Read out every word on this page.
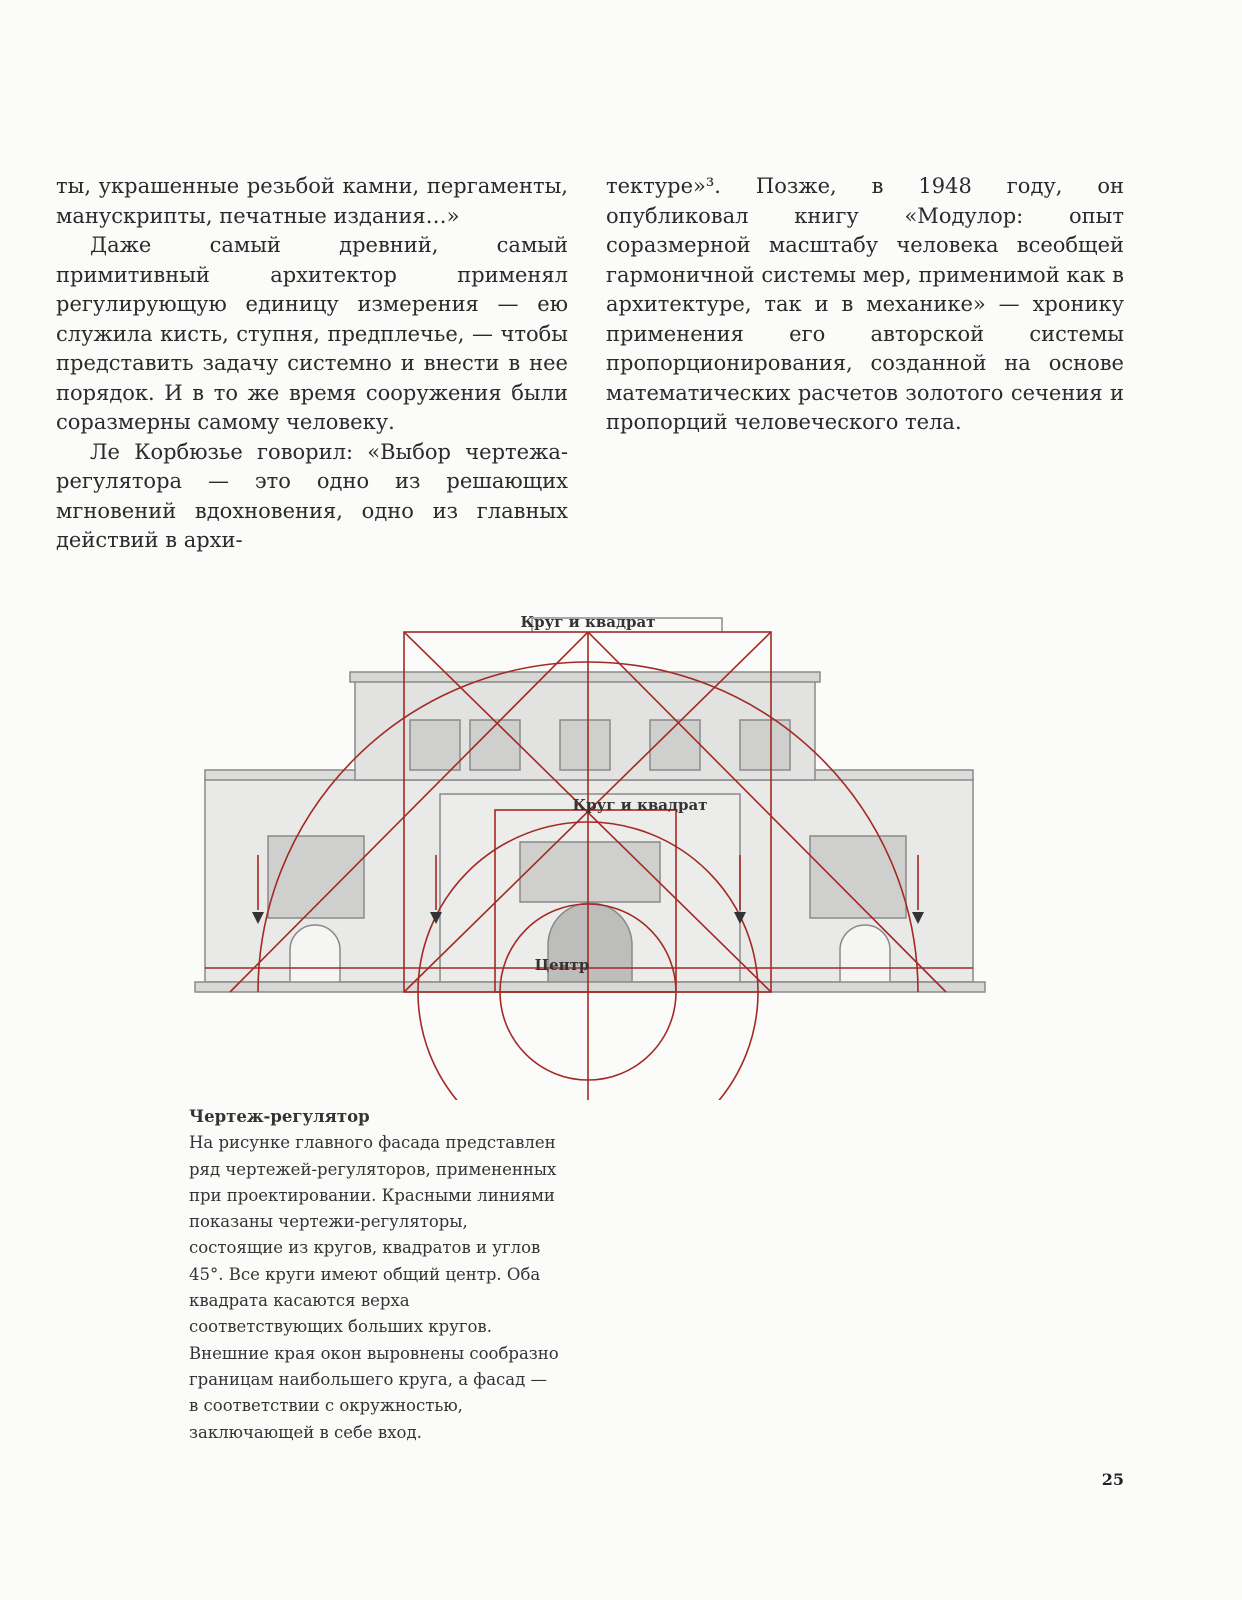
ты, украшенные резьбой камни, пергаменты, манускрипты, печатные издания…»

Даже самый древний, самый примитивный архитектор применял регулирующую единицу измерения — ею служила кисть, ступня, предплечье, — чтобы представить задачу системно и внести в нее порядок. И в то же время сооружения были соразмерны самому человеку.

Ле Корбюзье говорил: «Выбор чертежа-регулятора — это одно из решающих мгновений вдохновения, одно из главных действий в архи-

тектуре»³. Позже, в 1948 году, он опубликовал книгу «Модулор: опыт соразмерной масштабу человека всеобщей гармоничной системы мер, применимой как в архитектуре, так и в механике» — хронику применения его авторской системы пропорционирования, созданной на основе математических расчетов золотого сечения и пропорций человеческого тела.

Круг и квадрат
Круг и квадрат
Центр
Чертеж-регулятор
На рисунке главного фасада представлен ряд чертежей-регуляторов, примененных при проектировании. Красными линиями показаны чертежи-регуляторы, состоящие из кругов, квадратов и углов 45°. Все круги имеют общий центр. Оба квадрата касаются верха соответствующих больших кругов. Внешние края окон выровнены сообразно границам наибольшего круга, а фасад — в соответствии с окружностью, заключающей в себе вход.
25
